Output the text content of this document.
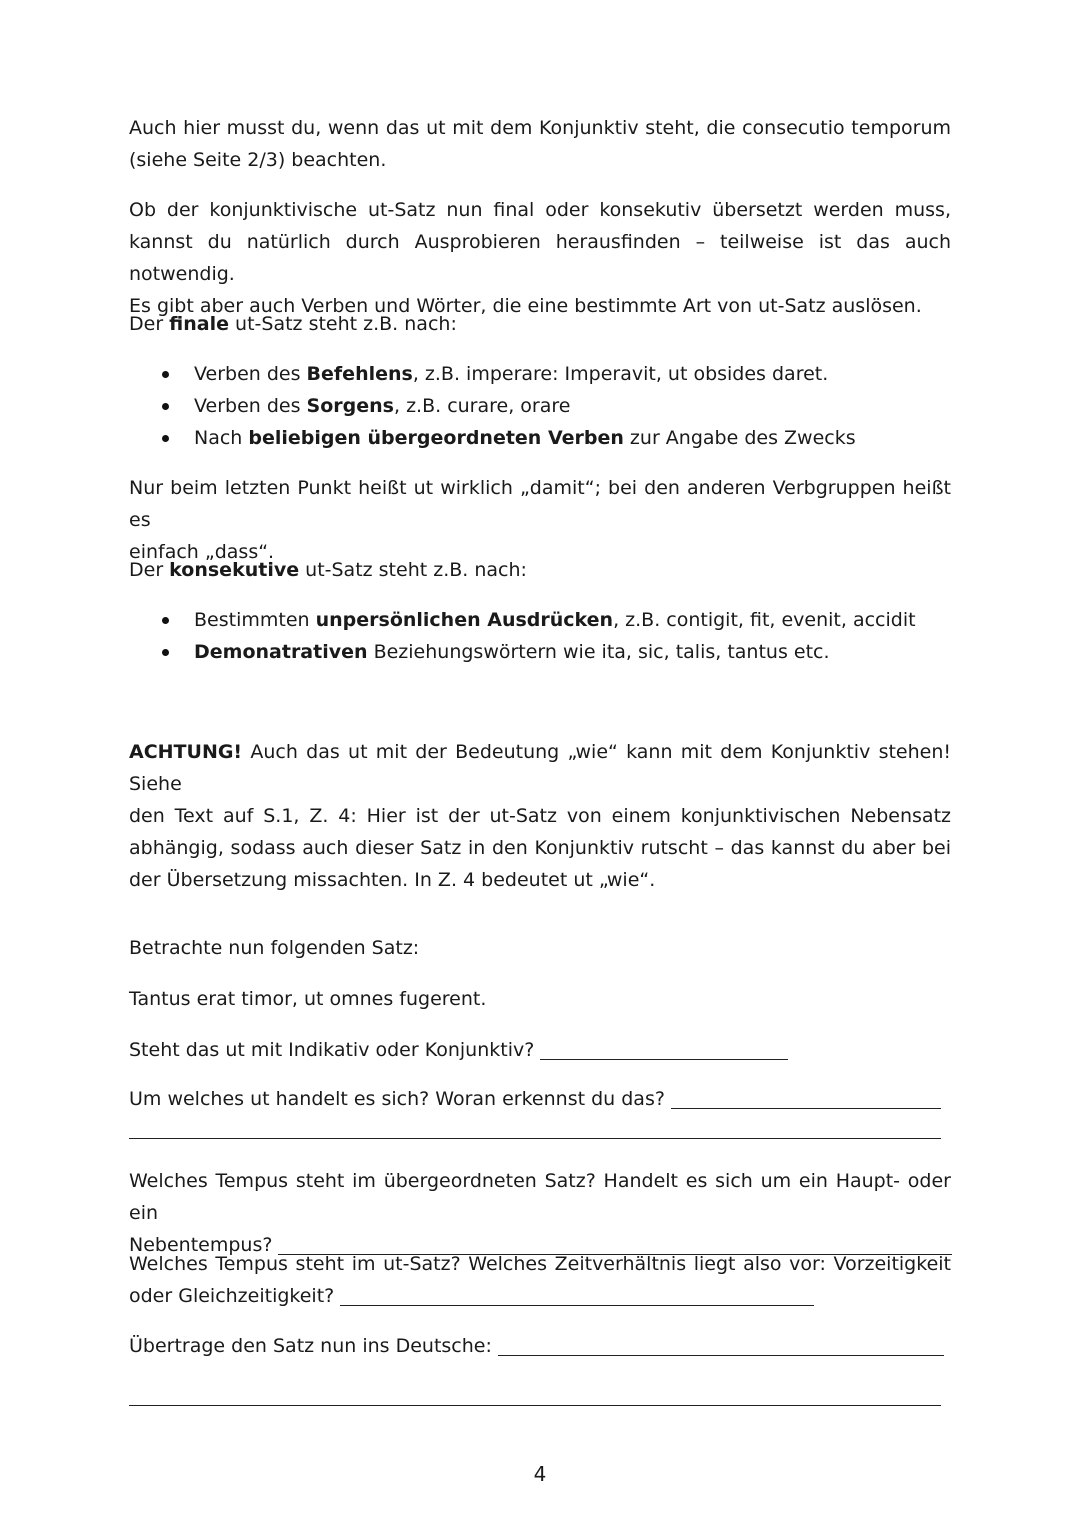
Auch hier musst du, wenn das ut mit dem Konjunktiv steht, die consecutio temporum

(siehe Seite 2/3) beachten.

Ob der konjunktivische ut-Satz nun final oder konsekutiv übersetzt werden muss,

kannst du natürlich durch Ausprobieren herausfinden – teilweise ist das auch notwendig.

Es gibt aber auch Verben und Wörter, die eine bestimmte Art von ut-Satz auslösen.

Der finale ut-Satz steht z.B. nach:

Verben des Befehlens, z.B. imperare: Imperavit, ut obsides daret.
Verben des Sorgens, z.B. curare, orare
Nach beliebigen übergeordneten Verben zur Angabe des Zwecks

Nur beim letzten Punkt heißt ut wirklich „damit“; bei den anderen Verbgruppen heißt es

einfach „dass“.

Der konsekutive ut-Satz steht z.B. nach:

Bestimmten unpersönlichen Ausdrücken, z.B. contigit, fit, evenit, accidit
Demonatrativen Beziehungswörtern wie ita, sic, talis, tantus etc.

ACHTUNG! Auch das ut mit der Bedeutung „wie“ kann mit dem Konjunktiv stehen! Siehe

den Text auf S.1, Z. 4: Hier ist der ut-Satz von einem konjunktivischen Nebensatz

abhängig, sodass auch dieser Satz in den Konjunktiv rutscht – das kannst du aber bei

der Übersetzung missachten. In Z. 4 bedeutet ut „wie“.

Betrachte nun folgenden Satz:

Tantus erat timor, ut omnes fugerent.

Steht das ut mit Indikativ oder Konjunktiv?

Um welches ut handelt es sich? Woran erkennst du das?

Welches Tempus steht im übergeordneten Satz? Handelt es sich um ein Haupt- oder ein

Nebentempus?

Welches Tempus steht im ut-Satz? Welches Zeitverhältnis liegt also vor: Vorzeitigkeit

oder Gleichzeitigkeit?

Übertrage den Satz nun ins Deutsche:

4
